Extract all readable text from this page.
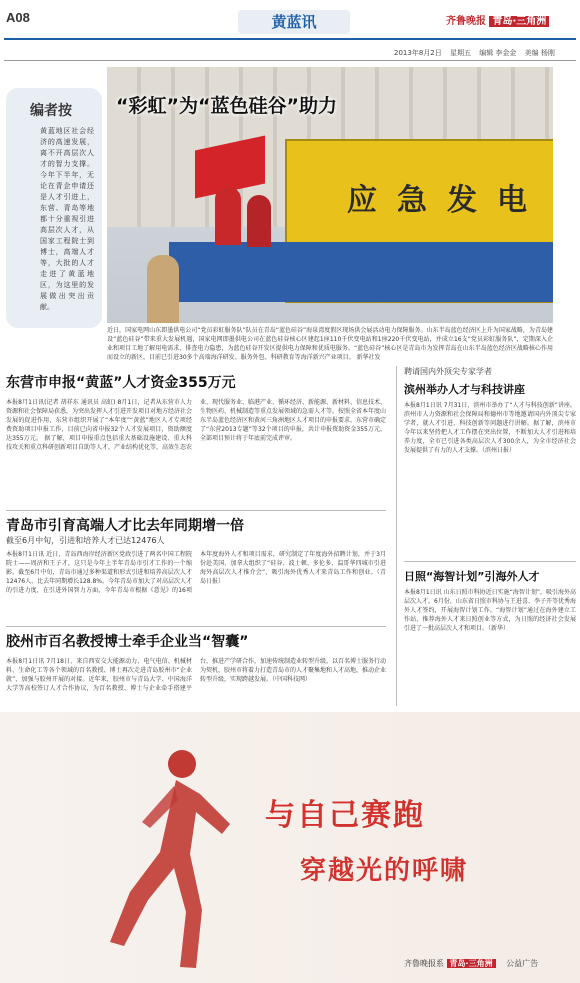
A08	黄蓝讯	齐鲁晚报 青岛·三角洲
2013年8月2日 星期五 编辑 李金金 美编 杨刚
编者按

黄蓝地区社会经济的高速发展，离不开高层次人才的智力支撑。今年下半年，无论在青企申请还是人才引进上，东营、青岛等地都十分重视引进高层次人才，从国家工程院士到博士，高端人才等，大批的人才走进了黄蓝地区，为这里的发展做出突出贡献。

应急发电
“彩虹”为“蓝色硅谷”助力
近日，国家电网山东即墨供电公司“党员彩虹服务队”队员在青岛“蓝色硅谷”海泉湾度假区现场供会展活动电力保障服务。山东半岛蓝色经济区上升为国家战略，为青岛建设“蓝色硅谷”带来重大发展机遇，国家电网即墨供电公司在蓝色硅谷核心区建起1座110千伏变电站和1座220千伏变电站，并成立16支“党员彩虹服务队”，定期深入企业和项目工地了解用电需求，排查电力隐患，为蓝色硅谷开发区提供电力保障和优质电服务。“蓝色硅谷”核心区是青岛市为发挥青岛在山东半岛蓝色经济区战略核心作用而设立的新区，目前已引进30多个高端海洋研发、服务外包、科研教育等海洋新兴产业项目。 新华社发
东营市申报“黄蓝”人才资金355万元
本报8月1日讯(记者 胡祥东 通讯员 高虹) 8月1日，记者从东营市人力资源和社会保障局获悉，为突出发挥人才引进开发项目对地方经济社会发展的促进作用，东营市组织开展了“本年度”“黄蓝”地区人才专项经费资助项目申报工作，目前已向省申报32个人才发展项目，资助额度达355万元。 据了解，项目申报重点包括重大基础设施建设、重大科技攻关和重点科研创新项目自助等人才，产业结构优化等，高效生态农业、现代服务业、临港产业、循环经济、新能源、新材料、信息技术、生物医药、机械制造等重点发展领域的急需人才等。按照全省本年度山东半岛蓝色经济区和黄河三角洲地区人才项目的申报要求，东营市确定了“东营2013专题”等32个项目的申报，共计申报资助资金355万元，全部项目预计将于年底前完成评审。
青岛市引育高端人才比去年同期增一倍
截至6月中旬，引进和培养人才已达12476人
本报8月1日讯 近日，青岛西海岸经济新区党政引进了两名中国工程院院士——周济和王子才，这只是今年上半年青岛市引才工作的一个缩影。截至6月中旬，青岛市通过多种渠道和形式引进和培养高层次人才12476人，比去年同期增长128.8%。今年青岛市加大了对高层次人才的引进力度，在引进外国智力方面，今年青岛市根据《意见》的16项本年度海外人才和项目需求，研究制定了年度海外招聘计划，并于3月份赴美国、加拿大组织了“硅谷、波士顿、多伦多、温哥华四城市引进海外高层次人才推介会”，吸引海外优秀人才来青岛工作和创业。（青岛日报）
胶州市百名教授博士牵手企业当“智囊”
本报8月1日讯 7月18日，来自西安交大能源动力、电气电信、机械材料、生命化工等各个领域的百名教授、博士再次走进青岛胶州市“企业就”，加强与胶州开展的对接。近年来，胶州市与青岛大学、中国海洋大学等高校签订人才合作协议，为百名教授、博士与企业牵手搭建平台，推进产学研合作，加速传统制造业转型升级。以百名博士服务行动为契机，胶州市将着力打造青岛市的人才聚集地和人才高地，推动企业转型升级，实现跨越发展。（中国科技网）
聘请国内外顶尖专家学者
滨州举办人才与科技讲座
本报8月1日讯 7月31日，滨州市举办了“人才与科技创新”讲座。滨州市人力资源和社会保障局和德州市等地邀请国内外顶尖专家学者，就人才引进、科技创新等问题进行讲解。据了解，滨州市今年以来坚持把人才工作摆在突出位置，不断加大人才引进和培养力度，全市已引进各类高层次人才300余人，为全市经济社会发展提供了有力的人才支撑。（滨州日报）
日照“海智计划”引海外人才
本报8月1日讯 山东日照市科协近日实施“海智计划”，吸引海外高层次人才。6月份，山东省日照市科协与王进喜、李子开等优秀海外人才签约，开展海智计划工作。“海智计划”通过在海外建立工作站、推荐海外人才来日照创业等方式，为日照的经济社会发展引进了一批高层次人才和项目。（新华）
与自己赛跑
穿越光的呼啸
齐鲁晚报系 青岛·三角洲 公益广告
